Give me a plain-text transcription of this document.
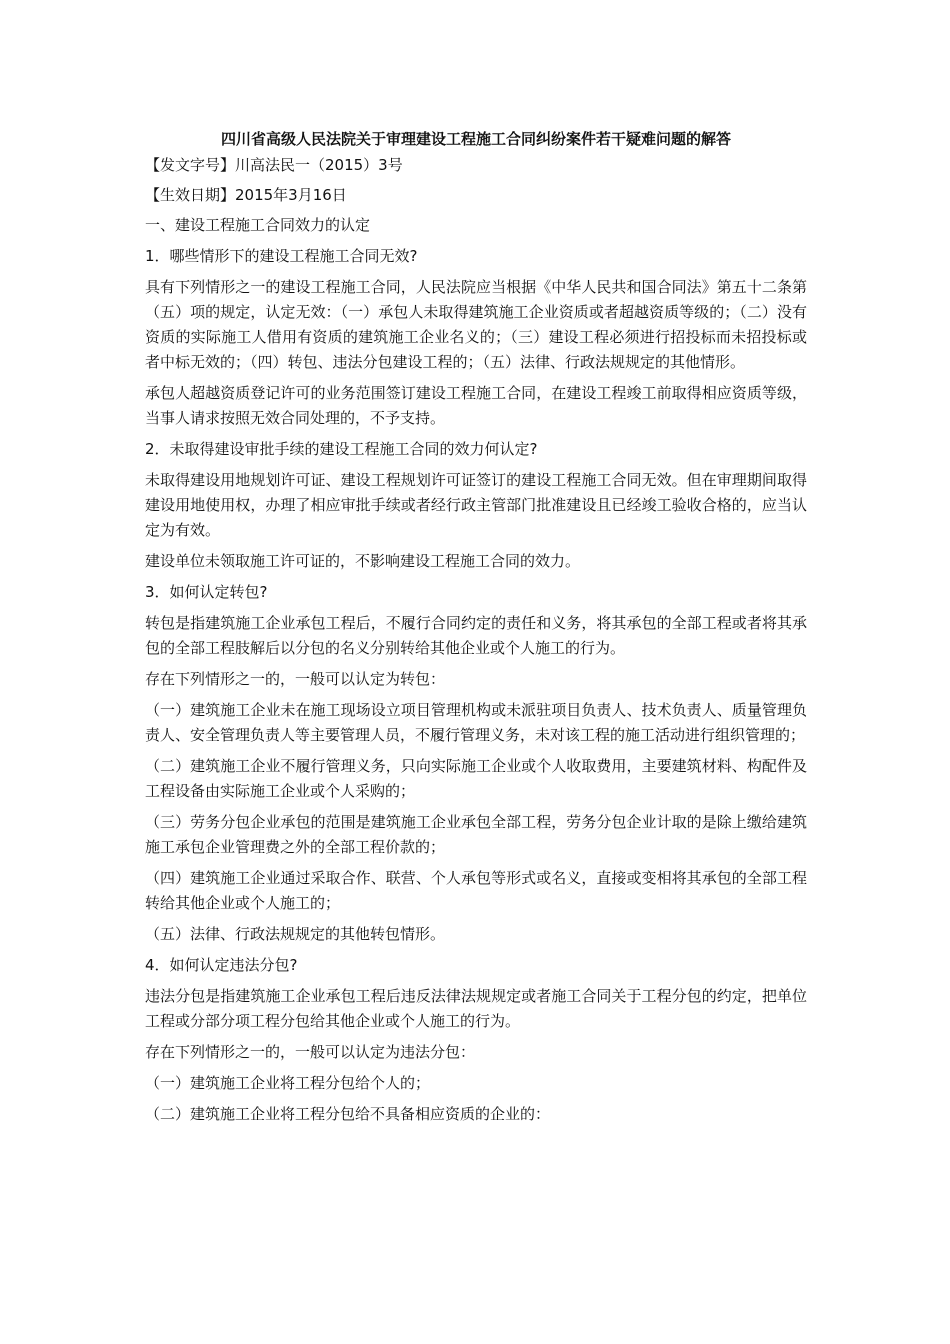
四川省高级人民法院关于审理建设工程施工合同纠纷案件若干疑难问题的解答
【发文字号】川高法民一（2015）3号
【生效日期】2015年3月16日
一、建设工程施工合同效力的认定
1．哪些情形下的建设工程施工合同无效?
具有下列情形之一的建设工程施工合同，人民法院应当根据《中华人民共和国合同法》第五十二条第（五）项的规定，认定无效：（一）承包人未取得建筑施工企业资质或者超越资质等级的；（二）没有资质的实际施工人借用有资质的建筑施工企业名义的；（三）建设工程必须进行招投标而未招投标或者中标无效的；（四）转包、违法分包建设工程的；（五）法律、行政法规规定的其他情形。
承包人超越资质登记许可的业务范围签订建设工程施工合同，在建设工程竣工前取得相应资质等级，当事人请求按照无效合同处理的，不予支持。
2．未取得建设审批手续的建设工程施工合同的效力何认定?
未取得建设用地规划许可证、建设工程规划许可证签订的建设工程施工合同无效。但在审理期间取得建设用地使用权，办理了相应审批手续或者经行政主管部门批准建设且已经竣工验收合格的，应当认定为有效。
建设单位未领取施工许可证的，不影响建设工程施工合同的效力。
3．如何认定转包?
转包是指建筑施工企业承包工程后，不履行合同约定的责任和义务，将其承包的全部工程或者将其承包的全部工程肢解后以分包的名义分别转给其他企业或个人施工的行为。
存在下列情形之一的，一般可以认定为转包：
（一）建筑施工企业未在施工现场设立项目管理机构或未派驻项目负责人、技术负责人、质量管理负责人、安全管理负责人等主要管理人员，不履行管理义务，未对该工程的施工活动进行组织管理的；
（二）建筑施工企业不履行管理义务，只向实际施工企业或个人收取费用，主要建筑材料、构配件及工程设备由实际施工企业或个人采购的；
（三）劳务分包企业承包的范围是建筑施工企业承包全部工程，劳务分包企业计取的是除上缴给建筑施工承包企业管理费之外的全部工程价款的；
（四）建筑施工企业通过采取合作、联营、个人承包等形式或名义，直接或变相将其承包的全部工程转给其他企业或个人施工的；
（五）法律、行政法规规定的其他转包情形。
4．如何认定违法分包?
违法分包是指建筑施工企业承包工程后违反法律法规规定或者施工合同关于工程分包的约定，把单位工程或分部分项工程分包给其他企业或个人施工的行为。
存在下列情形之一的，一般可以认定为违法分包：
（一）建筑施工企业将工程分包给个人的；
（二）建筑施工企业将工程分包给不具备相应资质的企业的：
